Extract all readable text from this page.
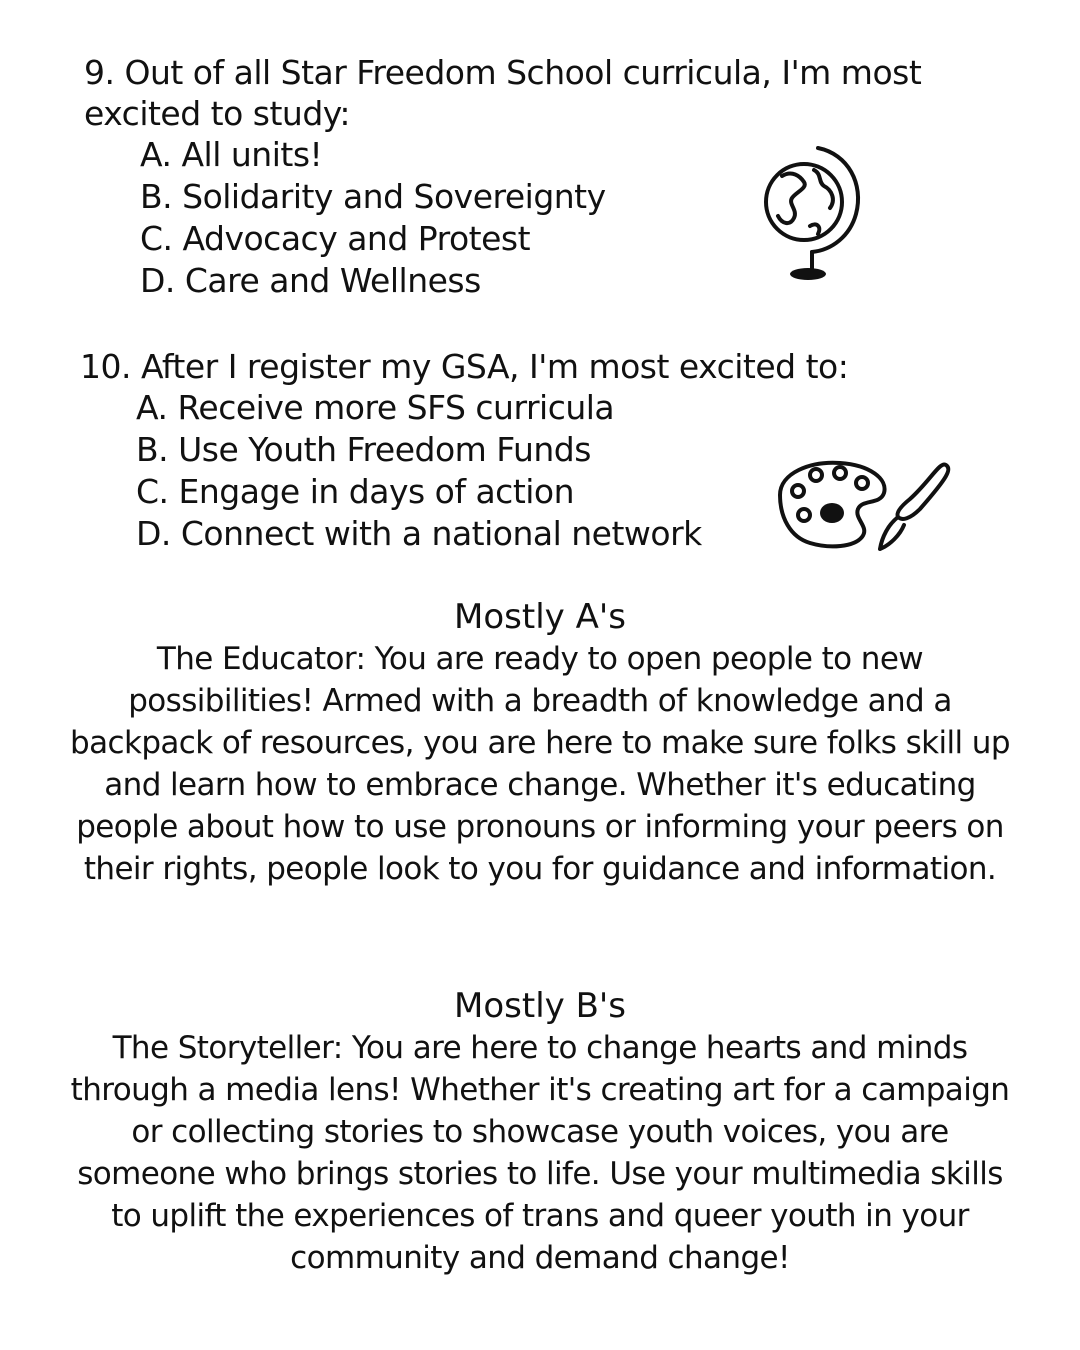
9. Out of all Star Freedom School curricula, I'm most excited to study:

A. All units!
B. Solidarity and Sovereignty
C. Advocacy and Protest
D. Care and Wellness

10. After I register my GSA, I'm most excited to:

A. Receive more SFS curricula
B. Use Youth Freedom Funds
C. Engage in days of action
D. Connect with a national network
Mostly A's

The Educator: You are ready to open people to new possibilities! Armed with a breadth of knowledge and a backpack of resources, you are here to make sure folks skill up and learn how to embrace change. Whether it's educating people about how to use pronouns or informing your peers on their rights, people look to you for guidance and information.

Mostly B's

The Storyteller: You are here to change hearts and minds through a media lens! Whether it's creating art for a campaign or collecting stories to showcase youth voices, you are someone who brings stories to life. Use your multimedia skills to uplift the experiences of trans and queer youth in your community and demand change!
